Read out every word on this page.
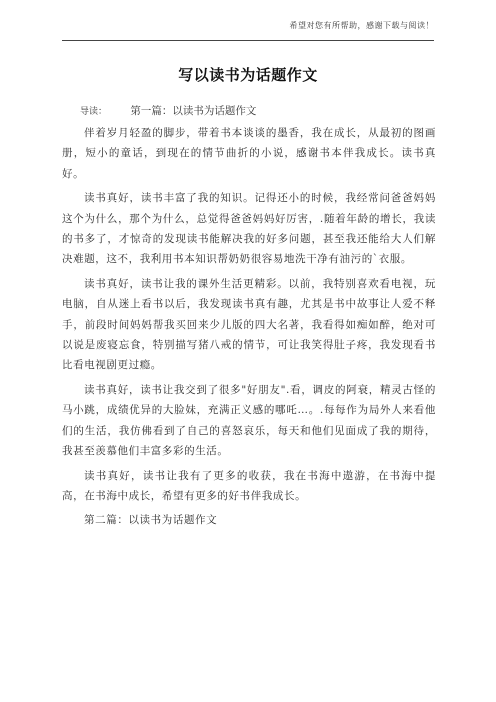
希望对您有所帮助，感谢下载与阅读！
写以读书为话题作文
导读： 第一篇：以读书为话题作文

伴着岁月轻盈的脚步，带着书本谈谈的墨香，我在成长，从最初的图画册，短小的童话，到现在的情节曲折的小说，感谢书本伴我成长。读书真好。

读书真好，读书丰富了我的知识。记得还小的时候，我经常问爸爸妈妈这个为什么，那个为什么，总觉得爸爸妈妈好厉害，.随着年龄的增长，我读的书多了，才惊奇的发现读书能解决我的好多问题，甚至我还能给大人们解决难题，这不，我利用书本知识帮奶奶很容易地洗干净有油污的`衣服。

读书真好，读书让我的课外生活更精彩。以前，我特别喜欢看电视，玩电脑，自从迷上看书以后，我发现读书真有趣，尤其是书中故事让人爱不释手，前段时间妈妈帮我买回来少儿版的四大名著，我看得如痴如醉，绝对可以说是废寝忘食，特别描写猪八戒的情节，可让我笑得肚子疼，我发现看书比看电视剧更过瘾。

读书真好，读书让我交到了很多"好朋友".看，调皮的阿衰，精灵古怪的马小跳，成绩优异的大脸妹，充满正义感的哪吒…。.每每作为局外人来看他们的生活，我仿佛看到了自己的喜怒哀乐，每天和他们见面成了我的期待，我甚至羡慕他们丰富多彩的生活。

读书真好，读书让我有了更多的收获，我在书海中遨游，在书海中提高，在书海中成长，希望有更多的好书伴我成长。

第二篇：以读书为话题作文
